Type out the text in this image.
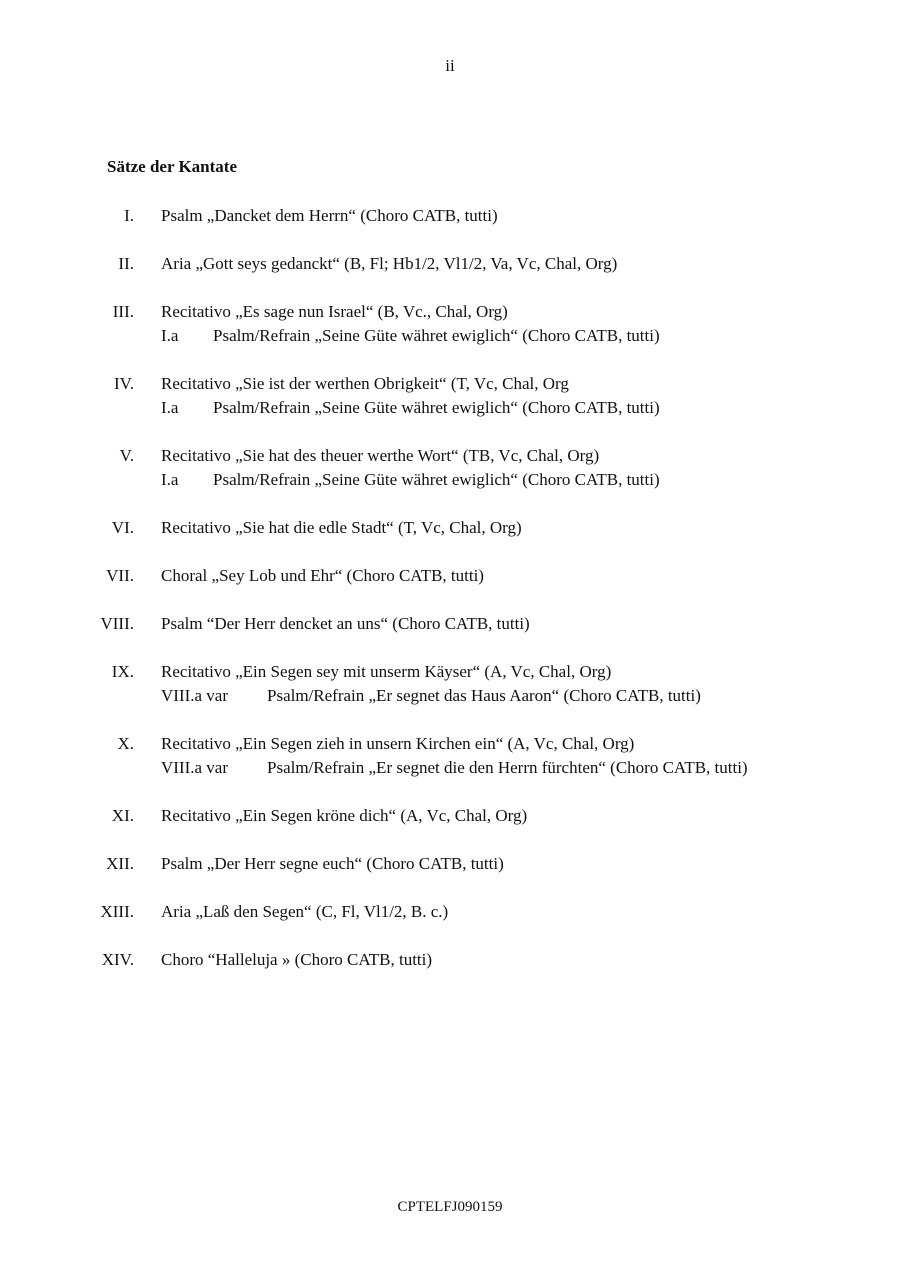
ii
Sätze der Kantate
I. Psalm „Dancket dem Herrn“ (Choro CATB, tutti)
II. Aria „Gott seys gedanckt“ (B, Fl; Hb1/2, Vl1/2, Va, Vc, Chal, Org)
III. Recitativo „Es sage nun Israel“ (B, Vc., Chal, Org)
I.a Psalm/Refrain „Seine Güte währet ewiglich“ (Choro CATB, tutti)
IV. Recitativo „Sie ist der werthen Obrigkeit“ (T, Vc, Chal, Org
I.a Psalm/Refrain „Seine Güte währet ewiglich“ (Choro CATB, tutti)
V. Recitativo „Sie hat des theuer werthe Wort“ (TB, Vc, Chal, Org)
I.a Psalm/Refrain „Seine Güte währet ewiglich“ (Choro CATB, tutti)
VI. Recitativo „Sie hat die edle Stadt“ (T, Vc, Chal, Org)
VII. Choral „Sey Lob und Ehr“ (Choro CATB, tutti)
VIII. Psalm “Der Herr dencket an uns“ (Choro CATB, tutti)
IX. Recitativo „Ein Segen sey mit unserm Käyser“ (A, Vc, Chal, Org)
VIII.a var Psalm/Refrain „Er segnet das Haus Aaron“ (Choro CATB, tutti)
X. Recitativo „Ein Segen zieh in unsern Kirchen ein“ (A, Vc, Chal, Org)
VIII.a var Psalm/Refrain „Er segnet die den Herrn fürchten“ (Choro CATB, tutti)
XI. Recitativo „Ein Segen kröne dich“ (A, Vc, Chal, Org)
XII. Psalm „Der Herr segne euch“ (Choro CATB, tutti)
XIII. Aria „Laß den Segen“ (C, Fl, Vl1/2, B. c.)
XIV. Choro “Halleluja » (Choro CATB, tutti)
CPTELFJ090159
